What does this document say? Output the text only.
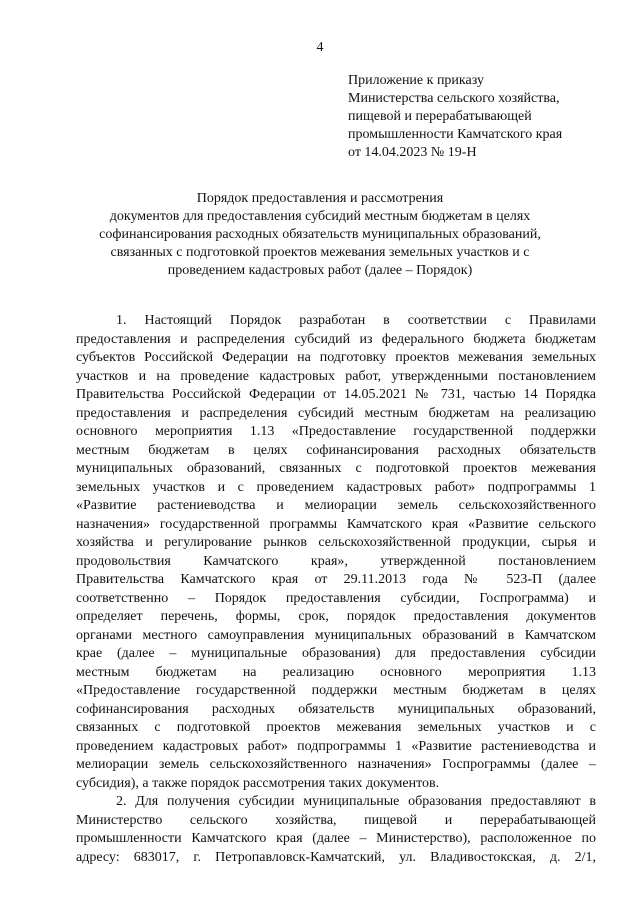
4
Приложение к приказу
Министерства сельского хозяйства,
пищевой и перерабатывающей
промышленности Камчатского края
от 14.04.2023 № 19-Н
Порядок предоставления и рассмотрения
документов для предоставления субсидий местным бюджетам в целях
софинансирования расходных обязательств муниципальных образований,
связанных с подготовкой проектов межевания земельных участков и с
проведением кадастровых работ (далее – Порядок)
1. Настоящий Порядок разработан в соответствии с Правилами
предоставления и распределения субсидий из федерального бюджета бюджетам
субъектов Российской Федерации на подготовку проектов межевания земельных
участков и на проведение кадастровых работ, утвержденными постановлением
Правительства Российской Федерации от 14.05.2021 № 731, частью 14 Порядка
предоставления и распределения субсидий местным бюджетам на реализацию
основного мероприятия 1.13 «Предоставление государственной поддержки
местным бюджетам в целях софинансирования расходных обязательств
муниципальных образований, связанных с подготовкой проектов межевания
земельных участков и с проведением кадастровых работ» подпрограммы 1
«Развитие растениеводства и мелиорации земель сельскохозяйственного
назначения» государственной программы Камчатского края «Развитие сельского
хозяйства и регулирование рынков сельскохозяйственной продукции, сырья и
продовольствия Камчатского края», утвержденной постановлением
Правительства Камчатского края от 29.11.2013 года № 523-П (далее
соответственно – Порядок предоставления субсидии, Госпрограмма) и
определяет перечень, формы, срок, порядок предоставления документов
органами местного самоуправления муниципальных образований в Камчатском
крае (далее – муниципальные образования) для предоставления субсидии
местным бюджетам на реализацию основного мероприятия 1.13
«Предоставление государственной поддержки местным бюджетам в целях
софинансирования расходных обязательств муниципальных образований,
связанных с подготовкой проектов межевания земельных участков и с
проведением кадастровых работ» подпрограммы 1 «Развитие растениеводства и
мелиорации земель сельскохозяйственного назначения» Госпрограммы (далее –
субсидия), а также порядок рассмотрения таких документов.
2. Для получения субсидии муниципальные образования предоставляют в
Министерство сельского хозяйства, пищевой и перерабатывающей
промышленности Камчатского края (далее – Министерство), расположенное по
адресу: 683017, г. Петропавловск-Камчатский, ул. Владивостокская, д. 2/1,
